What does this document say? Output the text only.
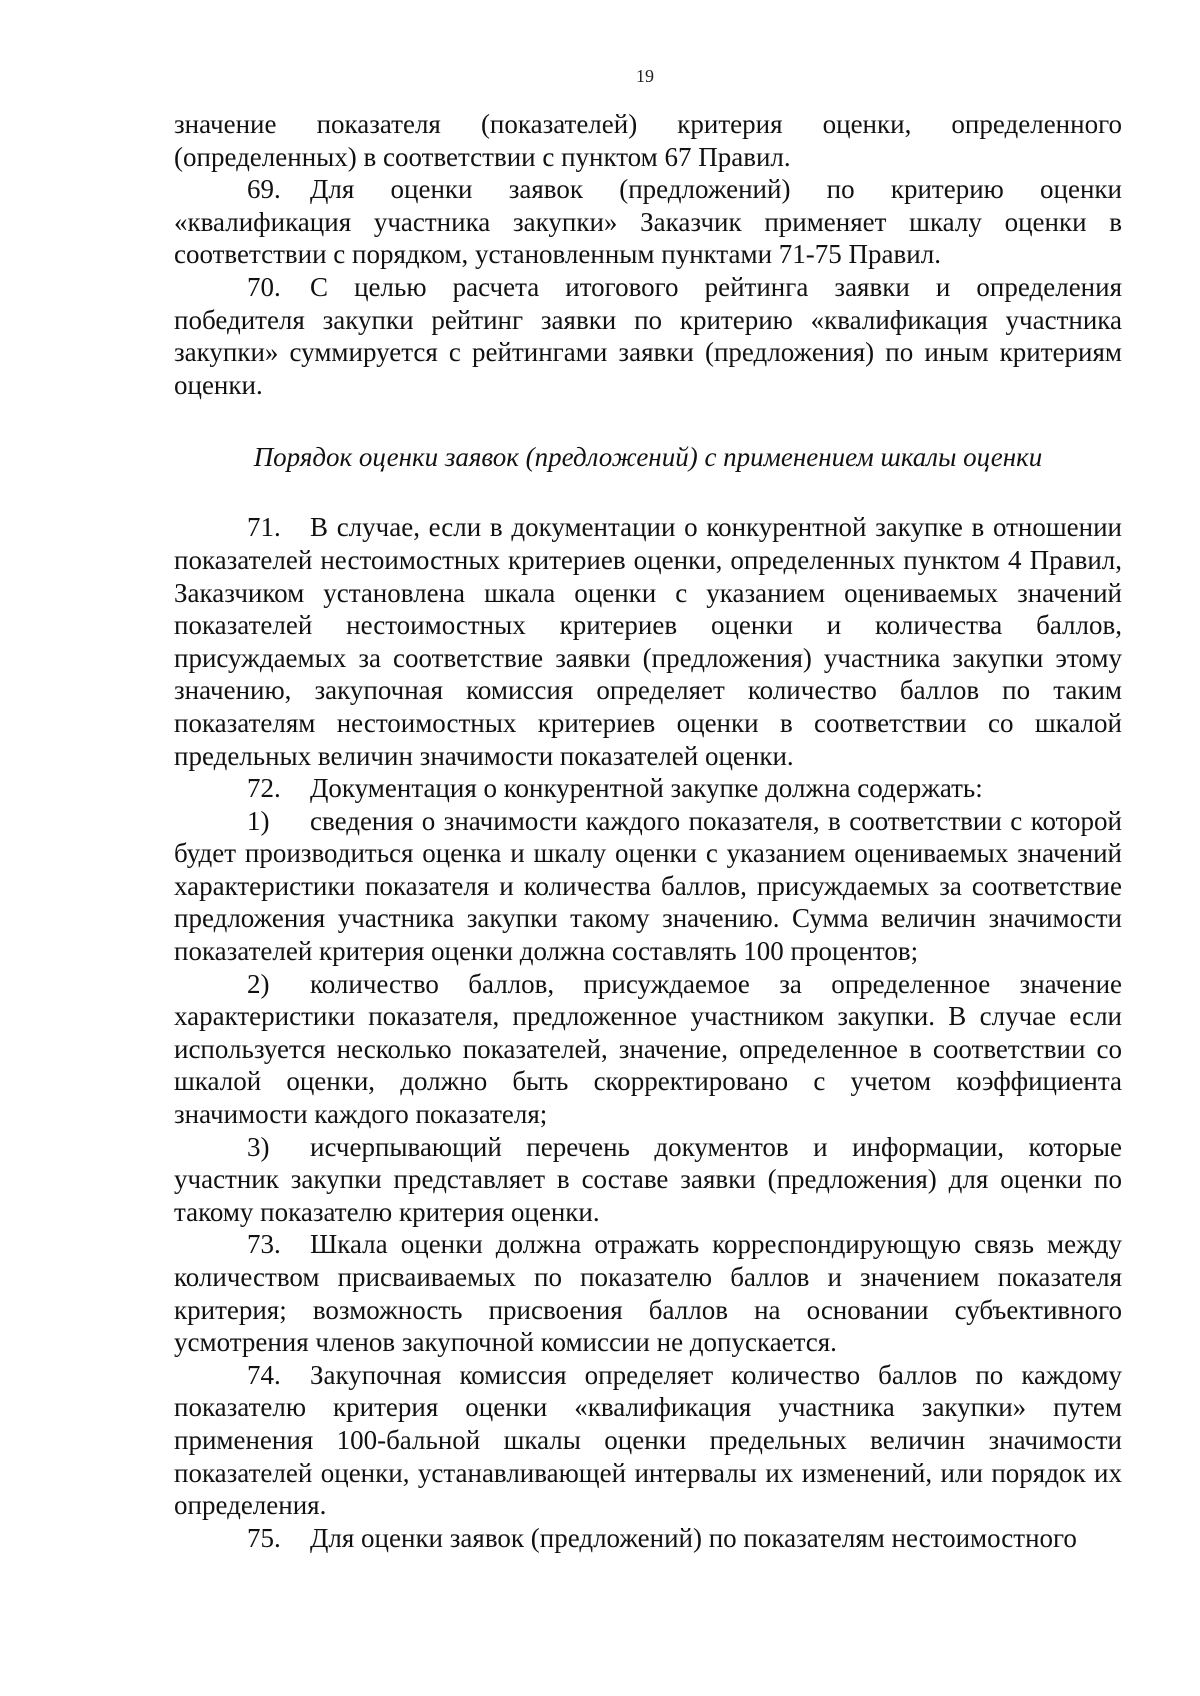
19

значение показателя (показателей) критерия оценки, определенного (определенных) в соответствии с пунктом 67 Правил.

69. Для оценки заявок (предложений) по критерию оценки «квалификация участника закупки» Заказчик применяет шкалу оценки в соответствии с порядком, установленным пунктами 71-75 Правил.

70. С целью расчета итогового рейтинга заявки и определения победителя закупки рейтинг заявки по критерию «квалификация участника закупки» суммируется с рейтингами заявки (предложения) по иным критериям оценки.

Порядок оценки заявок (предложений) с применением шкалы оценки

71. В случае, если в документации о конкурентной закупке в отношении показателей нестоимостных критериев оценки, определенных пунктом 4 Правил, Заказчиком установлена шкала оценки с указанием оцениваемых значений показателей нестоимостных критериев оценки и количества баллов, присуждаемых за соответствие заявки (предложения) участника закупки этому значению, закупочная комиссия определяет количество баллов по таким показателям нестоимостных критериев оценки в соответствии со шкалой предельных величин значимости показателей оценки.

72. Документация о конкурентной закупке должна содержать:

1) сведения о значимости каждого показателя, в соответствии с которой будет производиться оценка и шкалу оценки с указанием оцениваемых значений характеристики показателя и количества баллов, присуждаемых за соответствие предложения участника закупки такому значению. Сумма величин значимости показателей критерия оценки должна составлять 100 процентов;

2) количество баллов, присуждаемое за определенное значение характеристики показателя, предложенное участником закупки. В случае если используется несколько показателей, значение, определенное в соответствии со шкалой оценки, должно быть скорректировано с учетом коэффициента значимости каждого показателя;

3) исчерпывающий перечень документов и информации, которые участник закупки представляет в составе заявки (предложения) для оценки по такому показателю критерия оценки.

73. Шкала оценки должна отражать корреспондирующую связь между количеством присваиваемых по показателю баллов и значением показателя критерия; возможность присвоения баллов на основании субъективного усмотрения членов закупочной комиссии не допускается.

74. Закупочная комиссия определяет количество баллов по каждому показателю критерия оценки «квалификация участника закупки» путем применения 100-бальной шкалы оценки предельных величин значимости показателей оценки, устанавливающей интервалы их изменений, или порядок их определения.

75. Для оценки заявок (предложений) по показателям нестоимостного
